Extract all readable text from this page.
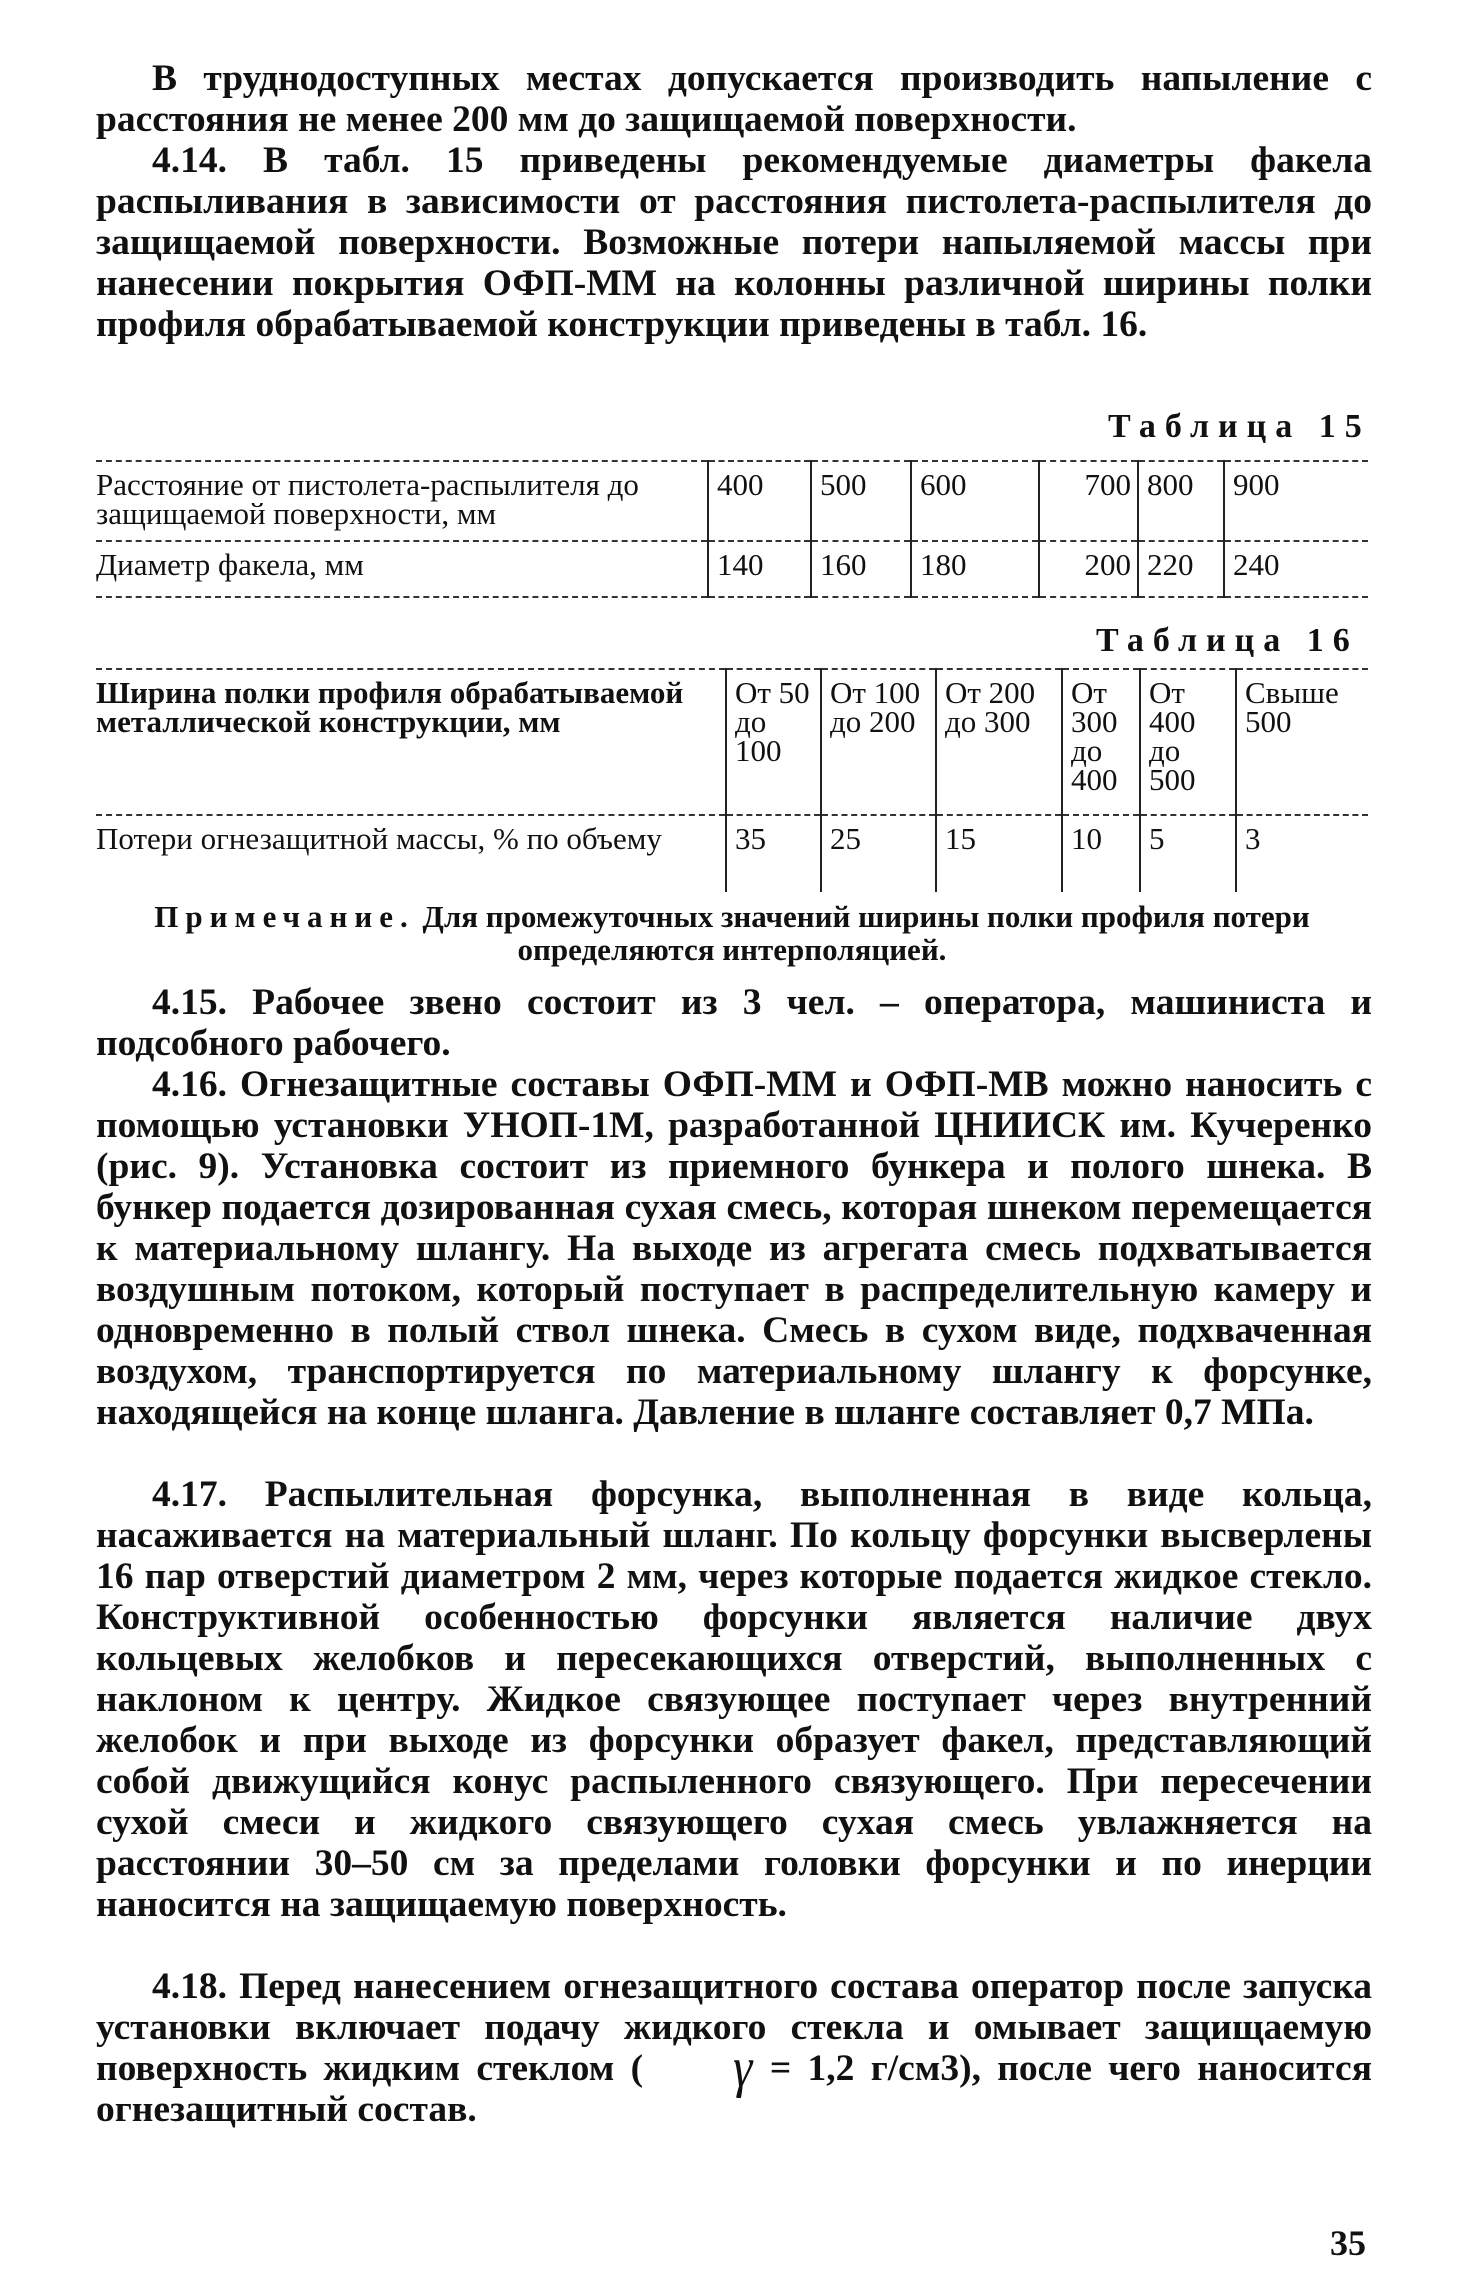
В труднодоступных местах допускается производить напыление с расстояния не менее 200 мм до защищаемой поверхности.

4.14. В табл. 15 приведены рекомендуемые диаметры факела распыливания в зависимости от расстояния пистолета-распылителя до защищаемой поверхности. Возможные потери напыляемой массы при нанесении покрытия ОФП-ММ на колонны различной ширины полки профиля обрабатываемой конструкции приведены в табл. 16.

Таблица 15
Расстояние от пистолета-распылителя до защищаемой поверхности, мм	400	500	600	700	800	900
Диаметр факела, мм	140	160	180	200	220	240
Таблица 16
Ширина полки профиля обрабатываемой металлической конструкции, мм	От 50 до 100	От 100 до 200	От 200 до 300	От 300 до 400	От 400 до 500	Свыше 500
Потери огнезащитной массы, % по объему	35	25	15	10	5	3

Примечание. Для промежуточных значений ширины полки профиля потери определяются интерполяцией.

4.15. Рабочее звено состоит из 3 чел. – оператора, машиниста и подсобного рабочего.

4.16. Огнезащитные составы ОФП-ММ и ОФП-МВ можно наносить с помощью установки УНОП-1М, разработанной ЦНИИСК им. Кучеренко (рис. 9). Установка состоит из приемного бункера и полого шнека. В бункер подается дозированная сухая смесь, которая шнеком перемещается к материальному шлангу. На выходе из агрегата смесь подхватывается воздушным потоком, который поступает в распределительную камеру и одновременно в полый ствол шнека. Смесь в сухом виде, подхваченная воздухом, транспортируется по материальному шлангу к форсунке, находящейся на конце шланга. Давление в шланге составляет 0,7 МПа.

4.17. Распылительная форсунка, выполненная в виде кольца, насаживается на материальный шланг. По кольцу форсунки высверлены 16 пар отверстий диаметром 2 мм, через которые подается жидкое стекло. Конструктивной особенностью форсунки является наличие двух кольцевых желобков и пересекающихся отверстий, выполненных с наклоном к центру. Жидкое связующее поступает через внутренний желобок и при выходе из форсунки образует факел, представляющий собой движущийся конус распыленного связующего. При пересечении сухой смеси и жидкого связующего сухая смесь увлажняется на расстоянии 30–50 см за пределами головки форсунки и по инерции наносится на защищаемую поверхность.

4.18. Перед нанесением огнезащитного состава оператор после запуска установки включает подачу жидкого стекла и омывает защищаемую поверхность жидким стеклом ( γ = 1,2 г/см3), после чего наносится огнезащитный состав.

35
